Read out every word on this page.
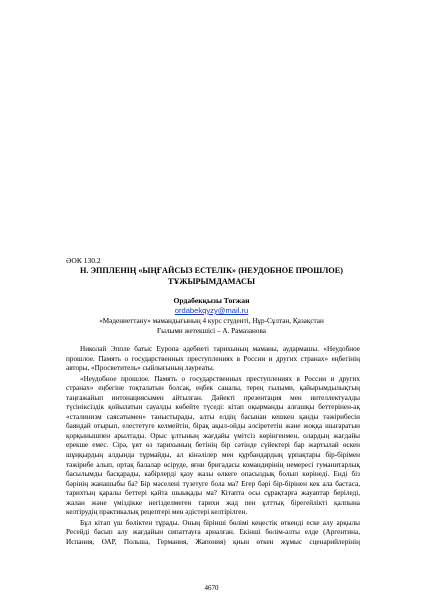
ӘОК 130.2
Н. ЭППЛЕНІҢ «ЫҢҒАЙСЫЗ ЕСТЕЛІК» (НЕУДОБНОЕ ПРОШЛОЕ)
ТҰЖЫРЫМДАМАСЫ
Ордабекқызы Тоғжан
ordabekqyzy@mail.ru
«Мәдениеттану» мамандығының 4 курс студенті, Нұр-Сұлтан, Қазақстан
Ғылыми жетекшісі – А. Рамазанова

Николай Эппле батыс Еуропа әдебиеті тарихының маманы, аудармашы. «Неудобное
прошлое. Память о государственных преступлениях в России и других странах» еңбегінің
авторы, «Просветитель» сыйлығының лауреаты.

«Неудобное прошлое. Память о государственных преступлениях в России и других
странах» еңбегіне тоқталатын болсақ, еңбек саналы, терең ғылыми, қайырымдылықтың
таңғажайып интонациясымен айтылған. Дәйекті презентация мен интеллектуалды
түсініксіздік қойылатын сауалды көбейте түседі: кітап оқырманды алғашқы беттерінен-ақ
«сталинизм саясатымен» таныстырады, алты елдің басынан кешкен қанды тәжірибесін
баяндай отырып, елестетуге келмейтін, бірақ ақыл-ойды әлсірететін және жоққа шығаратын
қорқынышпен арылтады. Орыс ұлтының жағдайы үмітсіз көрінгенмен, олардың жағдайы
ерекше емес. Сірә, ұят өз тарихының бетінің бір сәтінде сүйектері бар жартылай өскен
шұңқырдың алдында тұрмайды, ал кінәлілер мен құрбандардың ұрпақтары бір-бірімен
тәжірибе алып, ортақ балалар өсіруде, яғни бригадасы командирінің немересі гуманитарлық
басылымды басқарады, кабірлерді қазу жазы өлкеге опасыздық болып көрінеді. Енді біз
бәрінің жанашыбы ба? Бір мәселені түзетуге бола ма? Егер бәрі бір-бірінен кек ала бастаса,
тарихтың қаралы беттері қайта шыықады ма? Кітапта осы сұрақтарға жауаптар беріледі,
жалан және үміздікке негізделмеген тарихи жад пен ұлттық бірегейлікті қалпына
келтірудің практикалық рецептері мен әдістері келтірілген.

Бұл кітап үш бөліктен тұрады. Оның бірінші бөлімі кеңестік өткенді еске алу арқылы
Ресейді басып алу жағдайын сипаттауға арналған. Екінші бөлім-алты елде (Аргентина,
Испания, ОАР, Польша, Германия, Жапония) қиын өткен жұмыс сценарийлерінің

4670
